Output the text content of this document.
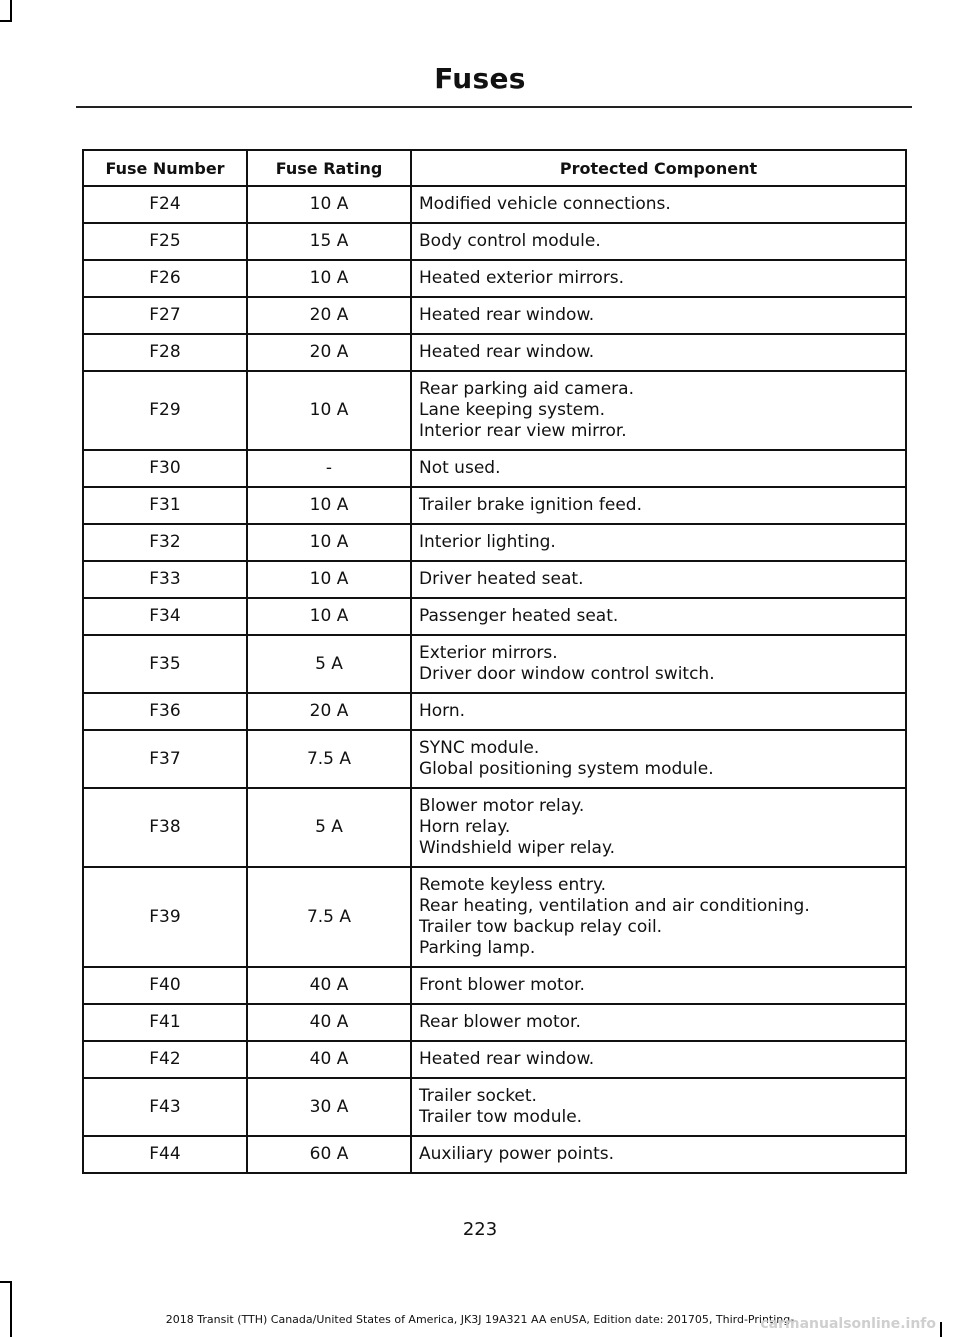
Fuses
Fuse Number	Fuse Rating	Protected Component
F24	10 A	Modified vehicle connections.

F25	15 A	Body control module.

F26	10 A	Heated exterior mirrors.

F27	20 A	Heated rear window.

F28	20 A	Heated rear window.

F29	10 A	Rear parking aid camera.
Lane keeping system.
Interior rear view mirror.

F30	-	Not used.

F31	10 A	Trailer brake ignition feed.

F32	10 A	Interior lighting.

F33	10 A	Driver heated seat.

F34	10 A	Passenger heated seat.

F35	5 A	Exterior mirrors.
Driver door window control switch.

F36	20 A	Horn.

F37	7.5 A	SYNC module.
Global positioning system module.

F38	5 A	Blower motor relay.
Horn relay.
Windshield wiper relay.

F39	7.5 A	Remote keyless entry.
Rear heating, ventilation and air conditioning.
Trailer tow backup relay coil.
Parking lamp.

F40	40 A	Front blower motor.

F41	40 A	Rear blower motor.

F42	40 A	Heated rear window.

F43	30 A	Trailer socket.
Trailer tow module.

F44	60 A	Auxiliary power points.
223
2018 Transit (TTH) Canada/United States of America, JK3J 19A321 AA enUSA, Edition date: 201705, Third-Printing-
carmanualsonline.info
